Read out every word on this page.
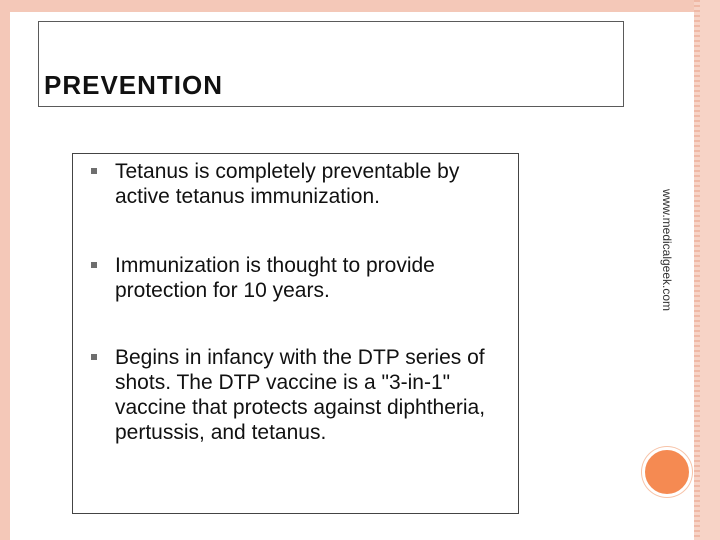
PREVENTION
Tetanus is completely preventable by active tetanus immunization.
Immunization is thought to provide protection for 10 years.
Begins in infancy with the DTP series of shots. The DTP vaccine is a "3-in-1" vaccine that protects against diphtheria, pertussis, and tetanus.
www.medicalgeek.com
